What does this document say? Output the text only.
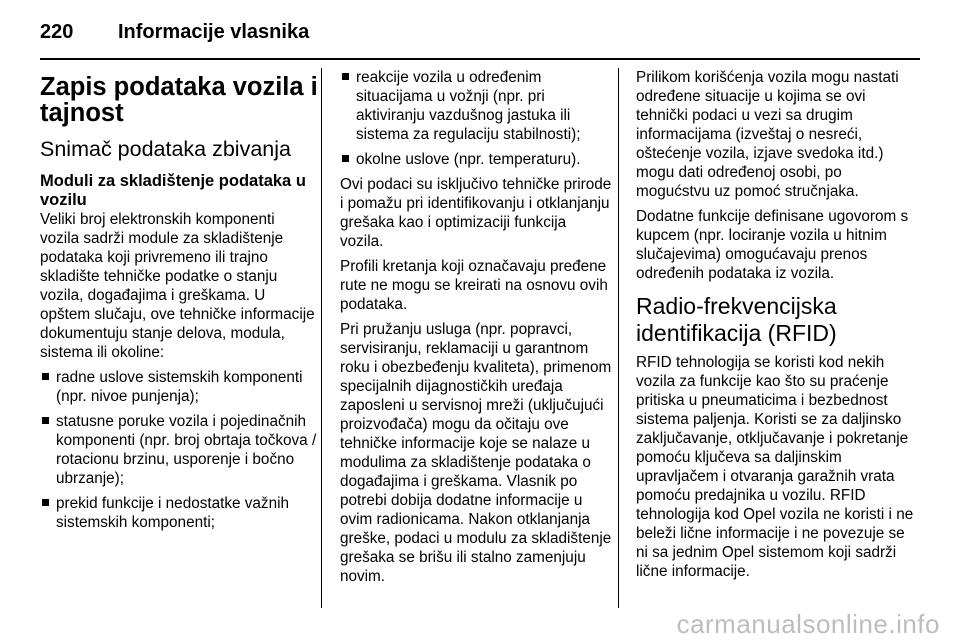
220 Informacije vlasnika
Zapis podataka vozila i tajnost
Snimač podataka zbivanja
Moduli za skladištenje podataka u vozilu

Veliki broj elektronskih komponenti vozila sadrži module za skladištenje podataka koji privremeno ili trajno skladište tehničke podatke o stanju vozila, događajima i greškama. U opštem slučaju, ove tehničke informacije dokumentuju stanje delova, modula, sistema ili okoline:

radne uslove sistemskih komponenti (npr. nivoe punjenja);
statusne poruke vozila i pojedinačnih komponenti (npr. broj obrtaja točkova / rotacionu brzinu, usporenje i bočno ubrzanje);
prekid funkcije i nedostatke važnih sistemskih komponenti;
reakcije vozila u određenim situacijama u vožnji (npr. pri aktiviranju vazdušnog jastuka ili sistema za regulaciju stabilnosti);
okolne uslove (npr. temperaturu).

Ovi podaci su isključivo tehničke prirode i pomažu pri identifikovanju i otklanjanju grešaka kao i optimizaciji funkcija vozila.

Profili kretanja koji označavaju pređene rute ne mogu se kreirati na osnovu ovih podataka.

Pri pružanju usluga (npr. popravci, servisiranju, reklamaciji u garantnom roku i obezbeđenju kvaliteta), primenom specijalnih dijagnostičkih uređaja zaposleni u servisnoj mreži (uključujući proizvođača) mogu da očitaju ove tehničke informacije koje se nalaze u modulima za skladištenje podataka o događajima i greškama. Vlasnik po potrebi dobija dodatne informacije u ovim radionicama. Nakon otklanjanja greške, podaci u modulu za skladištenje grešaka se brišu ili stalno zamenjuju novim.

Prilikom korišćenja vozila mogu nastati određene situacije u kojima se ovi tehnički podaci u vezi sa drugim informacijama (izveštaj o nesreći, oštećenje vozila, izjave svedoka itd.) mogu dati određenoj osobi, po mogućstvu uz pomoć stručnjaka.

Dodatne funkcije definisane ugovorom s kupcem (npr. lociranje vozila u hitnim slučajevima) omogućavaju prenos određenih podataka iz vozila.

Radio-frekvencijska identifikacija (RFID)

RFID tehnologija se koristi kod nekih vozila za funkcije kao što su praćenje pritiska u pneumaticima i bezbednost sistema paljenja. Koristi se za daljinsko zaključavanje, otključavanje i pokretanje pomoću ključeva sa daljinskim upravljačem i otvaranja garažnih vrata pomoću predajnika u vozilu. RFID tehnologija kod Opel vozila ne koristi i ne beleži lične informacije i ne povezuje se ni sa jednim Opel sistemom koji sadrži lične informacije.

carmanualsonline.info
